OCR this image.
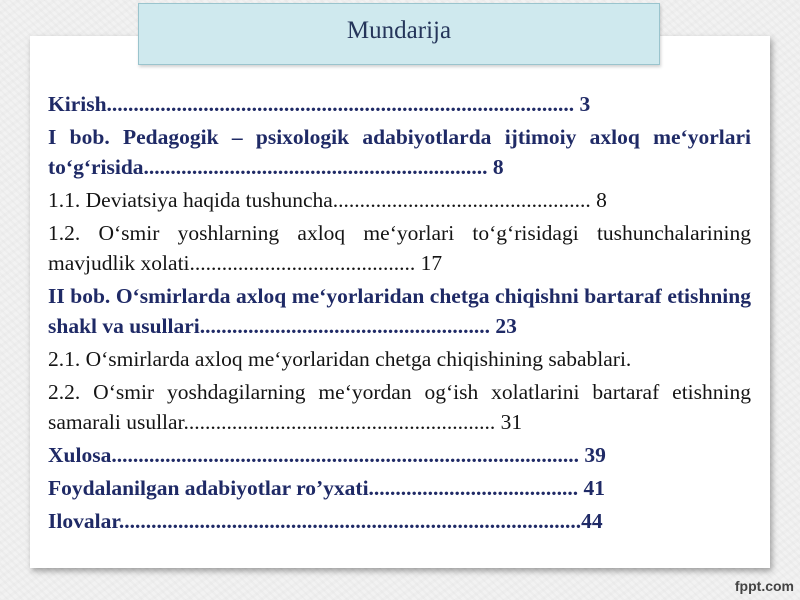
Mundarija

Kirish....................................................................................... 3

I bob. Pedagogik – psixologik adabiyotlarda ijtimoiy axloq me‘yorlari to‘g‘risida................................................................ 8

1.1. Deviatsiya haqida tushuncha................................................ 8

1.2. O‘smir yoshlarning axloq me‘yorlari to‘g‘risidagi tushunchalarining mavjudlik xolati.......................................... 17

II bob. O‘smirlarda axloq me‘yorlaridan chetga chiqishni bartaraf etishning shakl va usullari...................................................... 23

2.1. O‘smirlarda axloq me‘yorlaridan chetga chiqishining sabablari.

2.2. O‘smir yoshdagilarning me‘yordan og‘ish xolatlarini bartaraf etishning samarali usullar.......................................................... 31

Xulosa....................................................................................... 39

Foydalanilgan adabiyotlar ro’yxati....................................... 41

Ilovalar......................................................................................44

fppt.com
